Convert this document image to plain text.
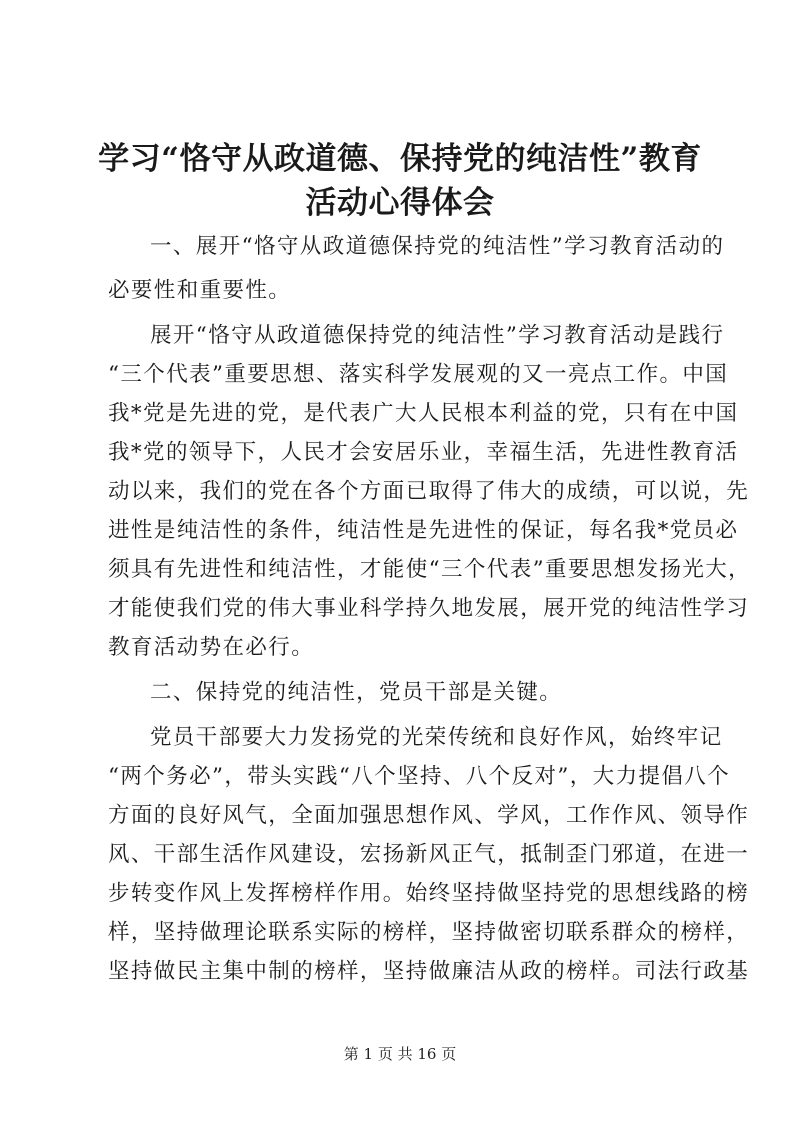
学习“恪守从政道德、保持党的纯洁性”教育
活动心得体会
一、展开“恪守从政道德保持党的纯洁性”学习教育活动的
必要性和重要性。
展开“恪守从政道德保持党的纯洁性”学习教育活动是践行
“三个代表”重要思想、落实科学发展观的又一亮点工作。中国
我*党是先进的党，是代表广大人民根本利益的党，只有在中国
我*党的领导下，人民才会安居乐业，幸福生活，先进性教育活
动以来，我们的党在各个方面已取得了伟大的成绩，可以说，先
进性是纯洁性的条件，纯洁性是先进性的保证，每名我*党员必
须具有先进性和纯洁性，才能使“三个代表”重要思想发扬光大，
才能使我们党的伟大事业科学持久地发展，展开党的纯洁性学习
教育活动势在必行。
二、保持党的纯洁性，党员干部是关键。
党员干部要大力发扬党的光荣传统和良好作风，始终牢记
“两个务必”，带头实践“八个坚持、八个反对”，大力提倡八个
方面的良好风气，全面加强思想作风、学风，工作作风、领导作
风、干部生活作风建设，宏扬新风正气，抵制歪门邪道，在进一
步转变作风上发挥榜样作用。始终坚持做坚持党的思想线路的榜
样，坚持做理论联系实际的榜样，坚持做密切联系群众的榜样，
坚持做民主集中制的榜样，坚持做廉洁从政的榜样。司法行政基
第 1 页 共 16 页
